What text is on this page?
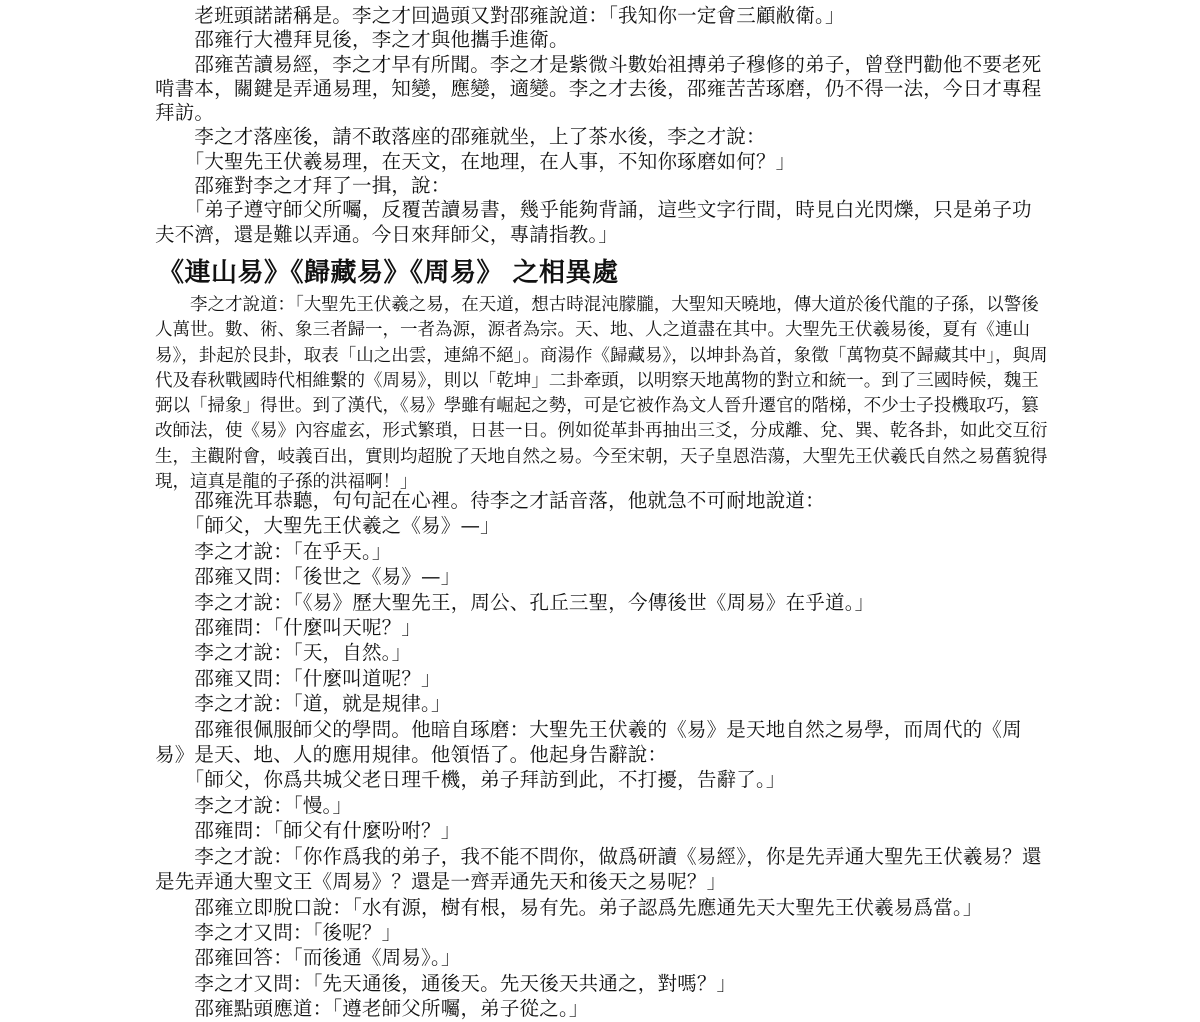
　　老班頭諾諾稱是。李之才回過頭又對邵雍說道：「我知你一定會三顧敝衛。」

　　邵雍行大禮拜見後，李之才與他攜手進衛。

　　邵雍苦讀易經，李之才早有所聞。李之才是紫微斗數始祖摶弟子穆修的弟子，曾登門勸他不要老死啃書本，關鍵是弄通易理，知變，應變，適變。李之才去後，邵雍苦苦琢磨，仍不得一法，今日才專程拜訪。

　　李之才落座後，請不敢落座的邵雍就坐，上了茶水後，李之才說：

　　「大聖先王伏羲易理，在天文，在地理，在人事，不知你琢磨如何？」

　　邵雍對李之才拜了一揖，說：

　　「弟子遵守師父所囑，反覆苦讀易書，幾乎能夠背誦，這些文字行間，時見白光閃爍，只是弟子功夫不濟，還是難以弄通。今日來拜師父，專請指教。」

《連山易》《歸藏易》《周易》 之相異處

　　李之才說道：「大聖先王伏羲之易，在天道，想古時混沌朦朧，大聖知天曉地，傳大道於後代龍的子孫，以警後人萬世。數、術、象三者歸一，一者為源，源者為宗。天、地、人之道盡在其中。大聖先王伏羲易後，夏有《連山易》，卦起於艮卦，取表「山之出雲，連綿不絕」。商湯作《歸藏易》，以坤卦為首，象徵「萬物莫不歸藏其中」，與周代及春秋戰國時代相維繫的《周易》，則以「乾坤」二卦牽頭，以明察天地萬物的對立和統一。到了三國時候，魏王弼以「掃象」得世。到了漢代，《易》學雖有崛起之勢，可是它被作為文人晉升遷官的階梯，不少士子投機取巧，篡改師法，使《易》內容虛玄，形式繁瑣，日甚一日。例如從革卦再抽出三爻，分成離、兌、巽、乾各卦，如此交互衍生，主觀附會，岐義百出，實則均超脫了天地自然之易。今至宋朝，天子皇恩浩蕩，大聖先王伏羲氏自然之易舊貌得現，這真是龍的子孫的洪福啊！」

　　邵雍洗耳恭聽，句句記在心裡。待李之才話音落，他就急不可耐地說道：

　　「師父，大聖先王伏羲之《易》—」

　　李之才說：「在乎天。」

　　邵雍又問：「後世之《易》—」

　　李之才說：「《易》歷大聖先王，周公、孔丘三聖，今傳後世《周易》在乎道。」

　　邵雍問：「什麼叫天呢？」

　　李之才說：「天，自然。」

　　邵雍又問：「什麼叫道呢？」

　　李之才說：「道，就是規律。」

　　邵雍很佩服師父的學問。他暗自琢磨：大聖先王伏羲的《易》是天地自然之易學，而周代的《周易》是天、地、人的應用規律。他領悟了。他起身告辭說：

　　「師父，你爲共城父老日理千機，弟子拜訪到此，不打擾，告辭了。」

　　李之才說：「慢。」

　　邵雍問：「師父有什麼吩咐？」

　　李之才說：「你作爲我的弟子，我不能不問你，做爲研讀《易經》，你是先弄通大聖先王伏羲易？還是先弄通大聖文王《周易》？還是一齊弄通先天和後天之易呢？」

　　邵雍立即脫口說：「水有源，樹有根，易有先。弟子認爲先應通先天大聖先王伏羲易爲當。」

　　李之才又問：「後呢？」

　　邵雍回答：「而後通《周易》。」

　　李之才又問：「先天通後，通後天。先天後天共通之，對嗎？」

　　邵雍點頭應道：「遵老師父所囑，弟子從之。」
